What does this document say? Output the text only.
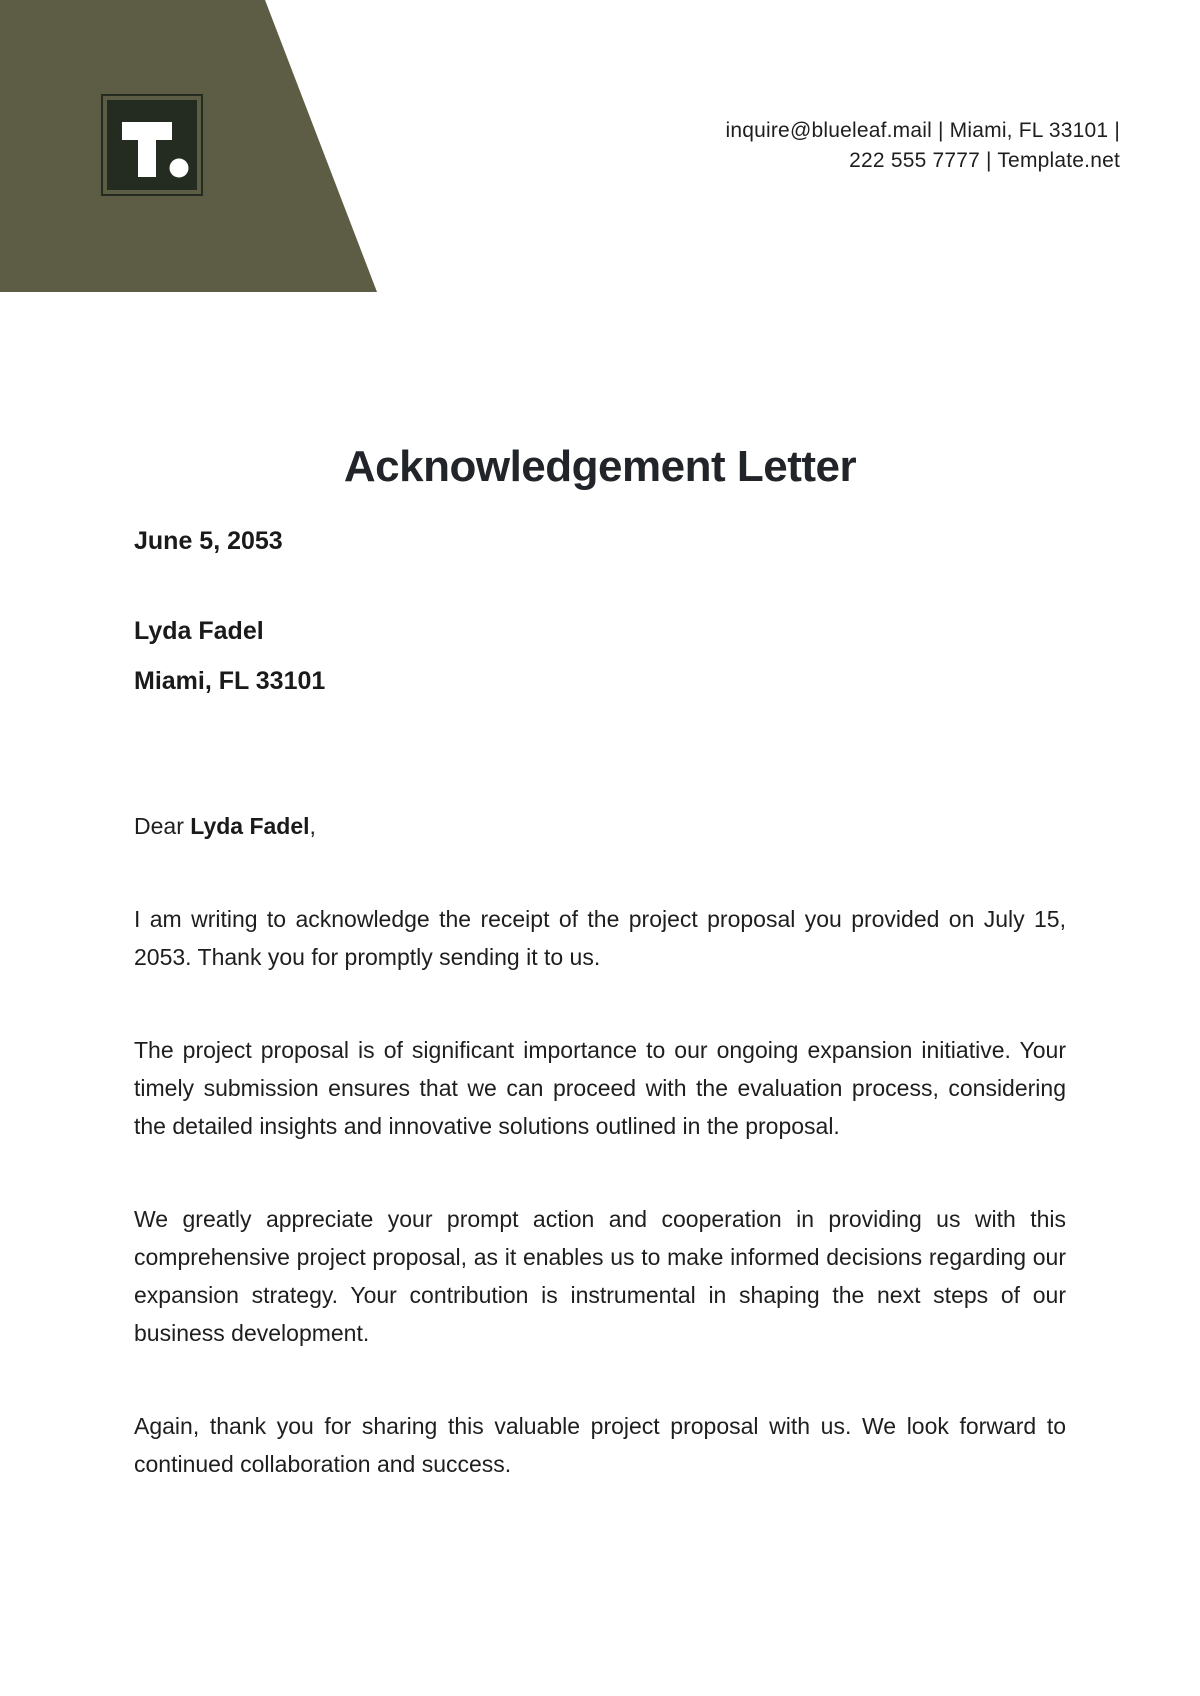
inquire@blueleaf.mail | Miami, FL 33101 |
222 555 7777 | Template.net
Acknowledgement Letter
June 5, 2053
Lyda Fadel
Miami, FL 33101

Dear Lyda Fadel,

I am writing to acknowledge the receipt of the project proposal you provided on July 15, 2053. Thank you for promptly sending it to us.

The project proposal is of significant importance to our ongoing expansion initiative. Your timely submission ensures that we can proceed with the evaluation process, considering the detailed insights and innovative solutions outlined in the proposal.

We greatly appreciate your prompt action and cooperation in providing us with this comprehensive project proposal, as it enables us to make informed decisions regarding our expansion strategy. Your contribution is instrumental in shaping the next steps of our business development.

Again, thank you for sharing this valuable project proposal with us. We look forward to continued collaboration and success.
